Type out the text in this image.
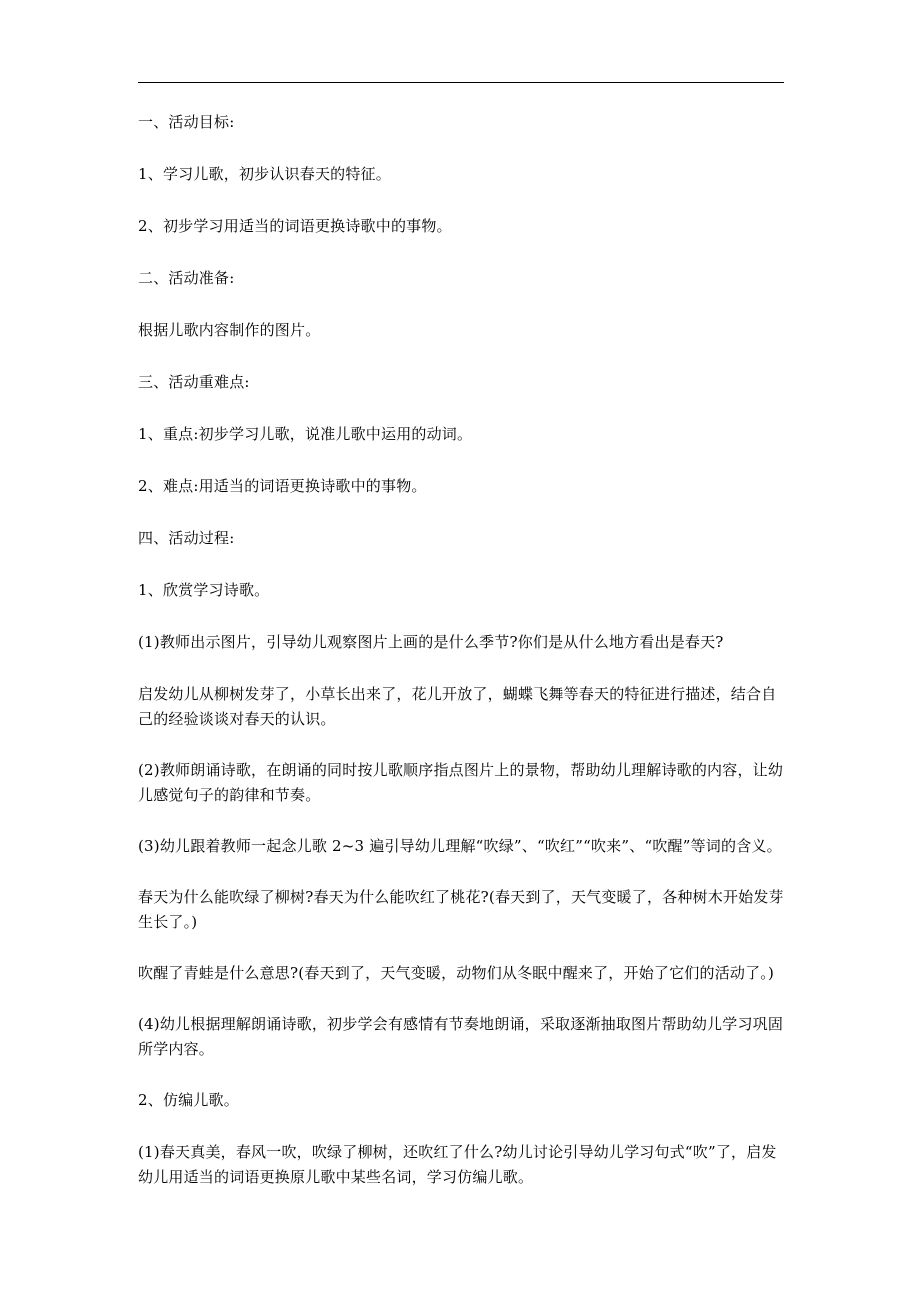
一、活动目标:

1、学习儿歌，初步认识春天的特征。

2、初步学习用适当的词语更换诗歌中的事物。

二、活动准备:

根据儿歌内容制作的图片。

三、活动重难点:

1、重点:初步学习儿歌，说准儿歌中运用的动词。

2、难点:用适当的词语更换诗歌中的事物。

四、活动过程:

1、欣赏学习诗歌。

(1)教师出示图片，引导幼儿观察图片上画的是什么季节?你们是从什么地方看出是春天?

启发幼儿从柳树发芽了，小草长出来了，花儿开放了，蝴蝶飞舞等春天的特征进行描述，结合自己的经验谈谈对春天的认识。

(2)教师朗诵诗歌，在朗诵的同时按儿歌顺序指点图片上的景物，帮助幼儿理解诗歌的内容，让幼儿感觉句子的韵律和节奏。

(3)幼儿跟着教师一起念儿歌 2~3 遍引导幼儿理解“吹绿”、“吹红”“吹来”、“吹醒”等词的含义。

春天为什么能吹绿了柳树?春天为什么能吹红了桃花?(春天到了，天气变暖了，各种树木开始发芽生长了。)

吹醒了青蛙是什么意思?(春天到了，天气变暖，动物们从冬眠中醒来了，开始了它们的活动了。)

(4)幼儿根据理解朗诵诗歌，初步学会有感情有节奏地朗诵，采取逐渐抽取图片帮助幼儿学习巩固所学内容。

2、仿编儿歌。

(1)春天真美，春风一吹，吹绿了柳树，还吹红了什么?幼儿讨论引导幼儿学习句式“吹”了，启发幼儿用适当的词语更换原儿歌中某些名词，学习仿编儿歌。
